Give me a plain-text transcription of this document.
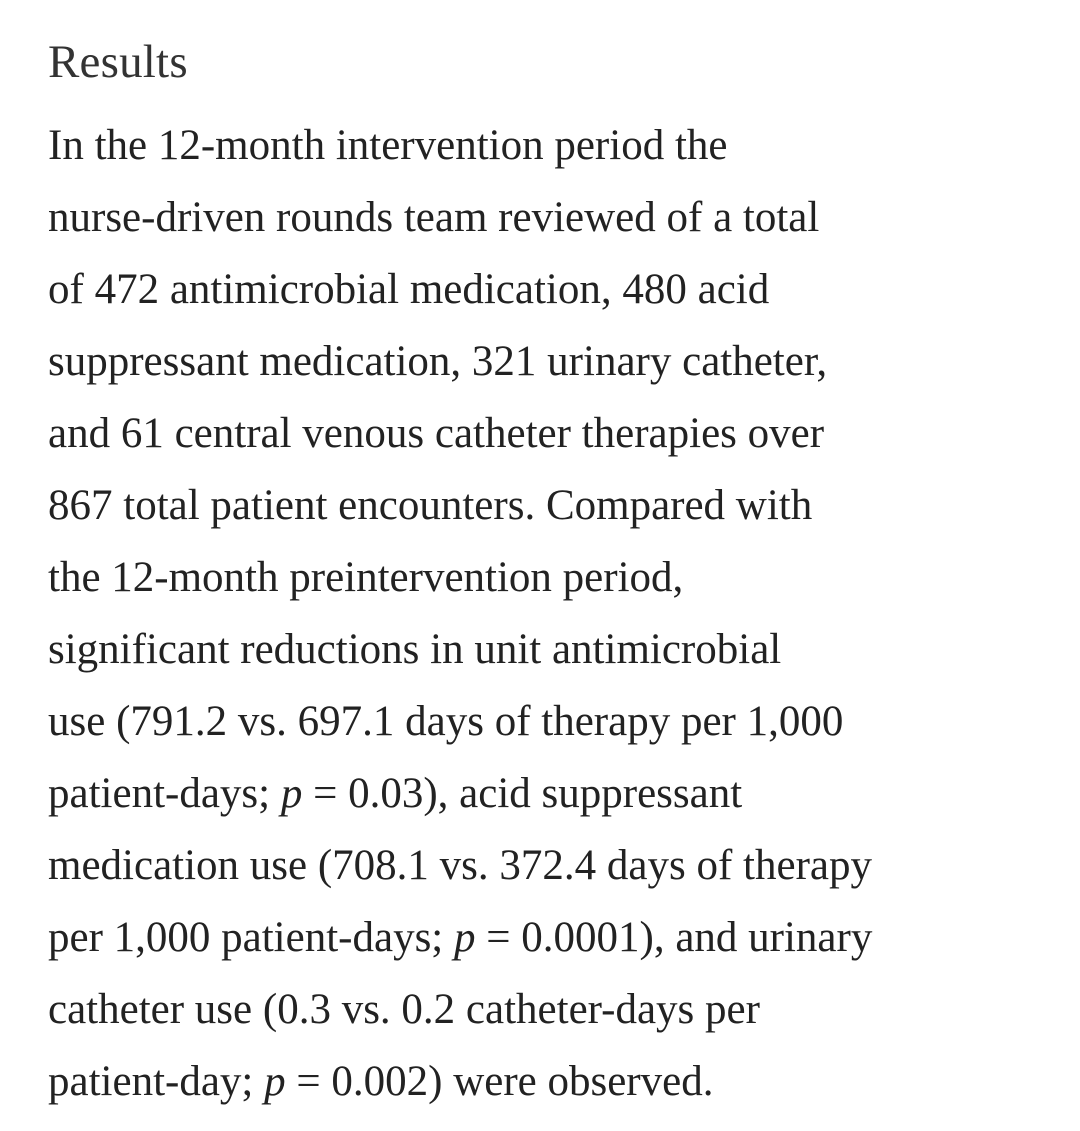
Results
In the 12-month intervention period the
nurse-driven rounds team reviewed of a total
of 472 antimicrobial medication, 480 acid
suppressant medication, 321 urinary catheter,
and 61 central venous catheter therapies over
867 total patient encounters. Compared with
the 12-month preintervention period,
significant reductions in unit antimicrobial
use (791.2 vs. 697.1 days of therapy per 1,000
patient-days; p = 0.03), acid suppressant
medication use (708.1 vs. 372.4 days of therapy
per 1,000 patient-days; p = 0.0001), and urinary
catheter use (0.3 vs. 0.2 catheter-days per
patient-day; p = 0.002) were observed.
